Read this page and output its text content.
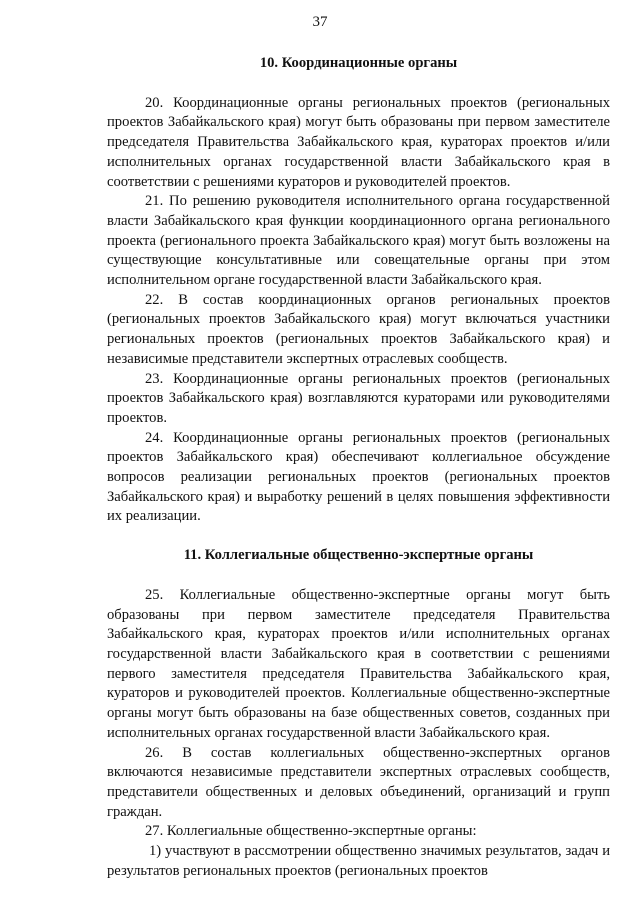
37
10. Координационные органы

20. Координационные органы региональных проектов (региональных проектов Забайкальского края) могут быть образованы при первом заместителе председателя Правительства Забайкальского края, кураторах проектов и/или исполнительных органах государственной власти Забайкальского края в соответствии с решениями кураторов и руководителей проектов.

21. По решению руководителя исполнительного органа государственной власти Забайкальского края функции координационного органа регионального проекта (регионального проекта Забайкальского края) могут быть возложены на существующие консультативные или совещательные органы при этом исполнительном органе государственной власти Забайкальского края.

22. В состав координационных органов региональных проектов (региональных проектов Забайкальского края) могут включаться участники региональных проектов (региональных проектов Забайкальского края) и независимые представители экспертных отраслевых сообществ.

23. Координационные органы региональных проектов (региональных проектов Забайкальского края) возглавляются кураторами или руководителями проектов.

24. Координационные органы региональных проектов (региональных проектов Забайкальского края) обеспечивают коллегиальное обсуждение вопросов реализации региональных проектов (региональных проектов Забайкальского края) и выработку решений в целях повышения эффективности их реализации.

11. Коллегиальные общественно-экспертные органы

25. Коллегиальные общественно-экспертные органы могут быть образованы при первом заместителе председателя Правительства Забайкальского края, кураторах проектов и/или исполнительных органах государственной власти Забайкальского края в соответствии с решениями первого заместителя председателя Правительства Забайкальского края, кураторов и руководителей проектов. Коллегиальные общественно-экспертные органы могут быть образованы на базе общественных советов, созданных при исполнительных органах государственной власти Забайкальского края.

26. В состав коллегиальных общественно-экспертных органов включаются независимые представители экспертных отраслевых сообществ, представители общественных и деловых объединений, организаций и групп граждан.

27. Коллегиальные общественно-экспертные органы:

1) участвуют в рассмотрении общественно значимых результатов, задач и результатов региональных проектов (региональных проектов
